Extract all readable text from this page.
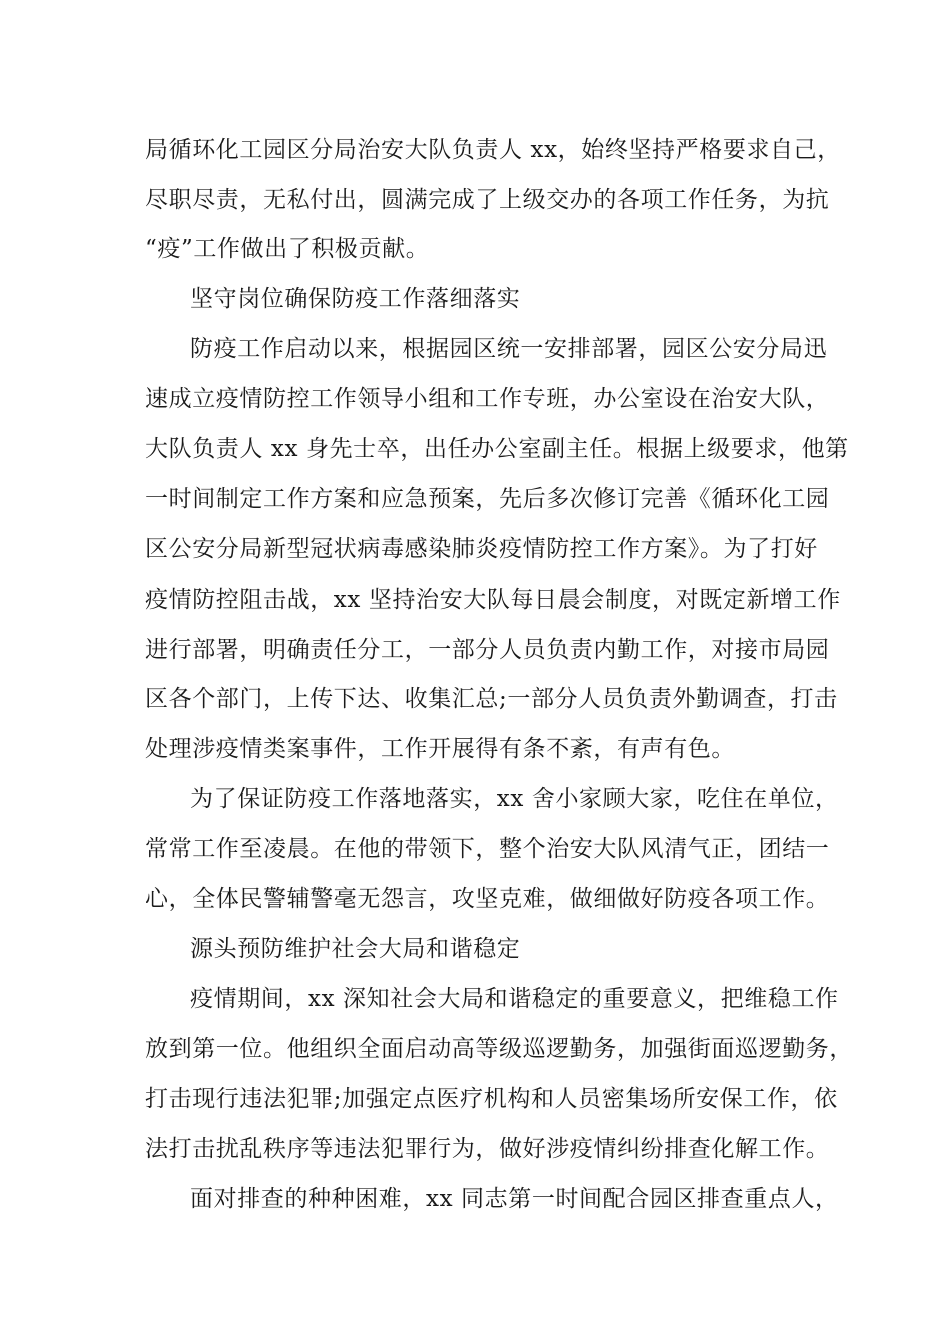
局循环化工园区分局治安大队负责人 xx，始终坚持严格要求自己，
尽职尽责，无私付出，圆满完成了上级交办的各项工作任务，为抗
“疫”工作做出了积极贡献。
坚守岗位确保防疫工作落细落实
防疫工作启动以来，根据园区统一安排部署，园区公安分局迅
速成立疫情防控工作领导小组和工作专班，办公室设在治安大队，
大队负责人 xx 身先士卒，出任办公室副主任。根据上级要求，他第
一时间制定工作方案和应急预案，先后多次修订完善《循环化工园
区公安分局新型冠状病毒感染肺炎疫情防控工作方案》。为了打好
疫情防控阻击战，xx 坚持治安大队每日晨会制度，对既定新增工作
进行部署，明确责任分工，一部分人员负责内勤工作，对接市局园
区各个部门，上传下达、收集汇总;一部分人员负责外勤调查，打击
处理涉疫情类案事件，工作开展得有条不紊，有声有色。
为了保证防疫工作落地落实，xx 舍小家顾大家，吃住在单位，
常常工作至凌晨。在他的带领下，整个治安大队风清气正，团结一
心，全体民警辅警毫无怨言，攻坚克难，做细做好防疫各项工作。
源头预防维护社会大局和谐稳定
疫情期间，xx 深知社会大局和谐稳定的重要意义，把维稳工作
放到第一位。他组织全面启动高等级巡逻勤务，加强街面巡逻勤务，
打击现行违法犯罪;加强定点医疗机构和人员密集场所安保工作，依
法打击扰乱秩序等违法犯罪行为，做好涉疫情纠纷排查化解工作。
面对排查的种种困难，xx 同志第一时间配合园区排查重点人，
